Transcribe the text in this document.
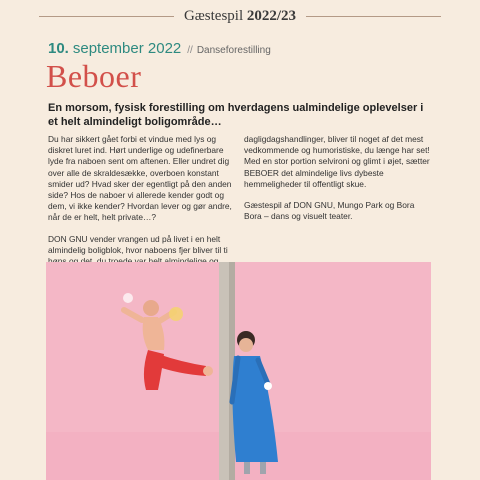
Gæstespil 2022/23
10. september 2022 // Danseforestilling
Beboer
En morsom, fysisk forestilling om hverdagens ualmindelige oplevelser i et helt almindeligt boligområde…

Du har sikkert gået forbi et vindue med lys og diskret luret ind. Hørt underlige og udefinerbare lyde fra naboen sent om aftenen. Eller undret dig over alle de skraldesække, overboen konstant smider ud? Hvad sker der egentligt på den anden side? Hos de naboer vi allerede kender godt og dem, vi ikke kender? Hvordan lever og gør andre, når de er helt, helt private…?

DON GNU vender vrangen ud på livet i en helt almindelig boligblok, hvor naboens fjer bliver til ti

dagligdagshandlinger, bliver til noget af det mest vedkommende og humoristiske, du længe har set! Med en stor portion selvironi og glimt i øjet, sætter BEBOER det almindelige livs dybeste hemmeligheder til offentligt skue.

Gæstespil af DON GNU, Mungo Park og Bora Bora – dans og visuelt teater.
